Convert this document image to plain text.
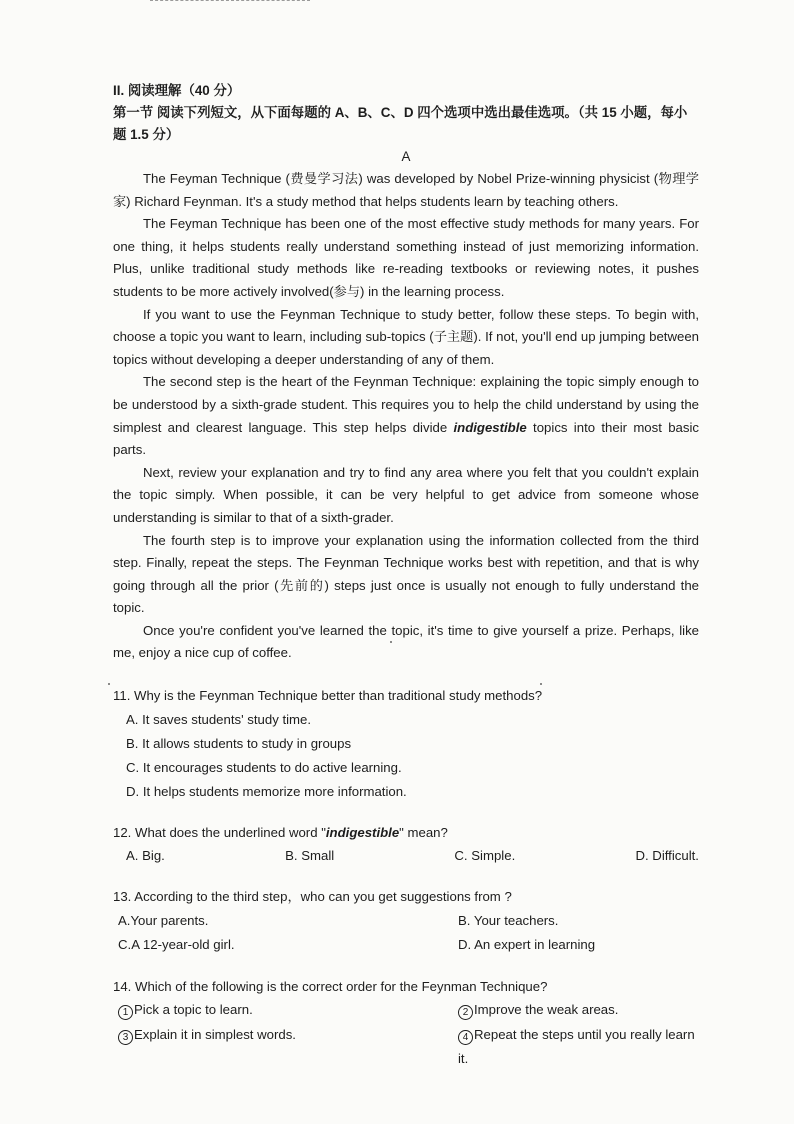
II. 阅读理解（40 分）
第一节 阅读下列短文，从下面每题的 A、B、C、D 四个选项中选出最佳选项。（共 15 小题，每小题 1.5 分）

A

The Feyman Technique (费曼学习法) was developed by Nobel Prize-winning physicist (物理学家) Richard Feynman. It's a study method that helps students learn by teaching others.

The Feyman Technique has been one of the most effective study methods for many years. For one thing, it helps students really understand something instead of just memorizing information. Plus, unlike traditional study methods like re-reading textbooks or reviewing notes, it pushes students to be more actively involved(参与) in the learning process.

If you want to use the Feynman Technique to study better, follow these steps. To begin with, choose a topic you want to learn, including sub-topics (子主题). If not, you'll end up jumping between topics without developing a deeper understanding of any of them.

The second step is the heart of the Feynman Technique: explaining the topic simply enough to be understood by a sixth-grade student. This requires you to help the child understand by using the simplest and clearest language. This step helps divide indigestible topics into their most basic parts.

Next, review your explanation and try to find any area where you felt that you couldn't explain the topic simply. When possible, it can be very helpful to get advice from someone whose understanding is similar to that of a sixth-grader.

The fourth step is to improve your explanation using the information collected from the third step. Finally, repeat the steps. The Feynman Technique works best with repetition, and that is why going through all the prior (先前的) steps just once is usually not enough to fully understand the topic.

Once you're confident you've learned the topic, it's time to give yourself a prize. Perhaps, like me, enjoy a nice cup of coffee.

11. Why is the Feynman Technique better than traditional study methods?

A. It saves students' study time.

B. It allows students to study in groups

C. It encourages students to do active learning.

D. It helps students memorize more information.

12. What does the underlined word "indigestible" mean?

A. Big.	B. Small	C. Simple.	D. Difficult.

13. According to the third step，who can you get suggestions from ?

A.Your parents.	B. Your teachers.
C.A 12-year-old girl.	D. An expert in learning

14. Which of the following is the correct order for the Feynman Technique?

1 Pick a topic to learn.	2 Improve the weak areas.
3 Explain it in simplest words.	4 Repeat the steps until you really learn it.
